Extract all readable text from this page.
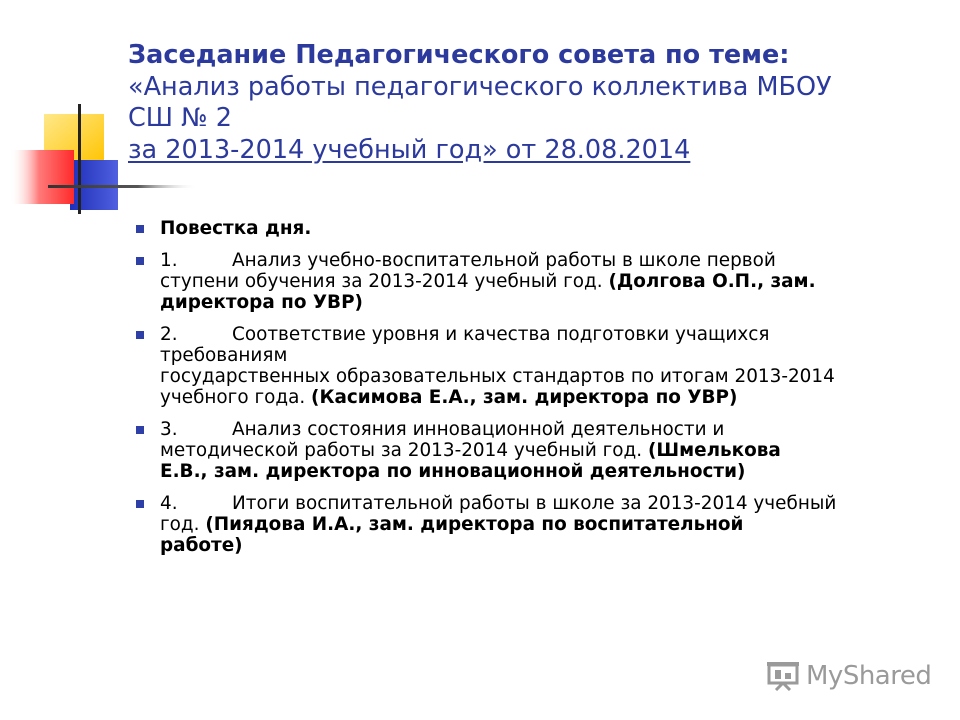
Заседание Педагогического совета по теме:
«Анализ работы педагогического коллектива МБОУ
СШ № 2
за 2013-2014 учебный год» от 28.08.2014
Повестка дня.
1.	Анализ учебно-воспитательной работы в школе первой
ступени обучения за 2013-2014 учебный год. (Долгова О.П., зам.
директора по УВР)
2.	Соответствие уровня и качества подготовки учащихся
требованиям
государственных образовательных стандартов по итогам 2013-2014
учебного года. (Касимова Е.А., зам. директора по УВР)
3.	Анализ состояния инновационной деятельности и
методической работы за 2013-2014 учебный год. (Шмелькова
Е.В., зам. директора по инновационной деятельности)
4.	Итоги воспитательной работы в школе за 2013-2014 учебный
год. (Пиядова И.А., зам. директора по воспитательной
работе)
MyShared
